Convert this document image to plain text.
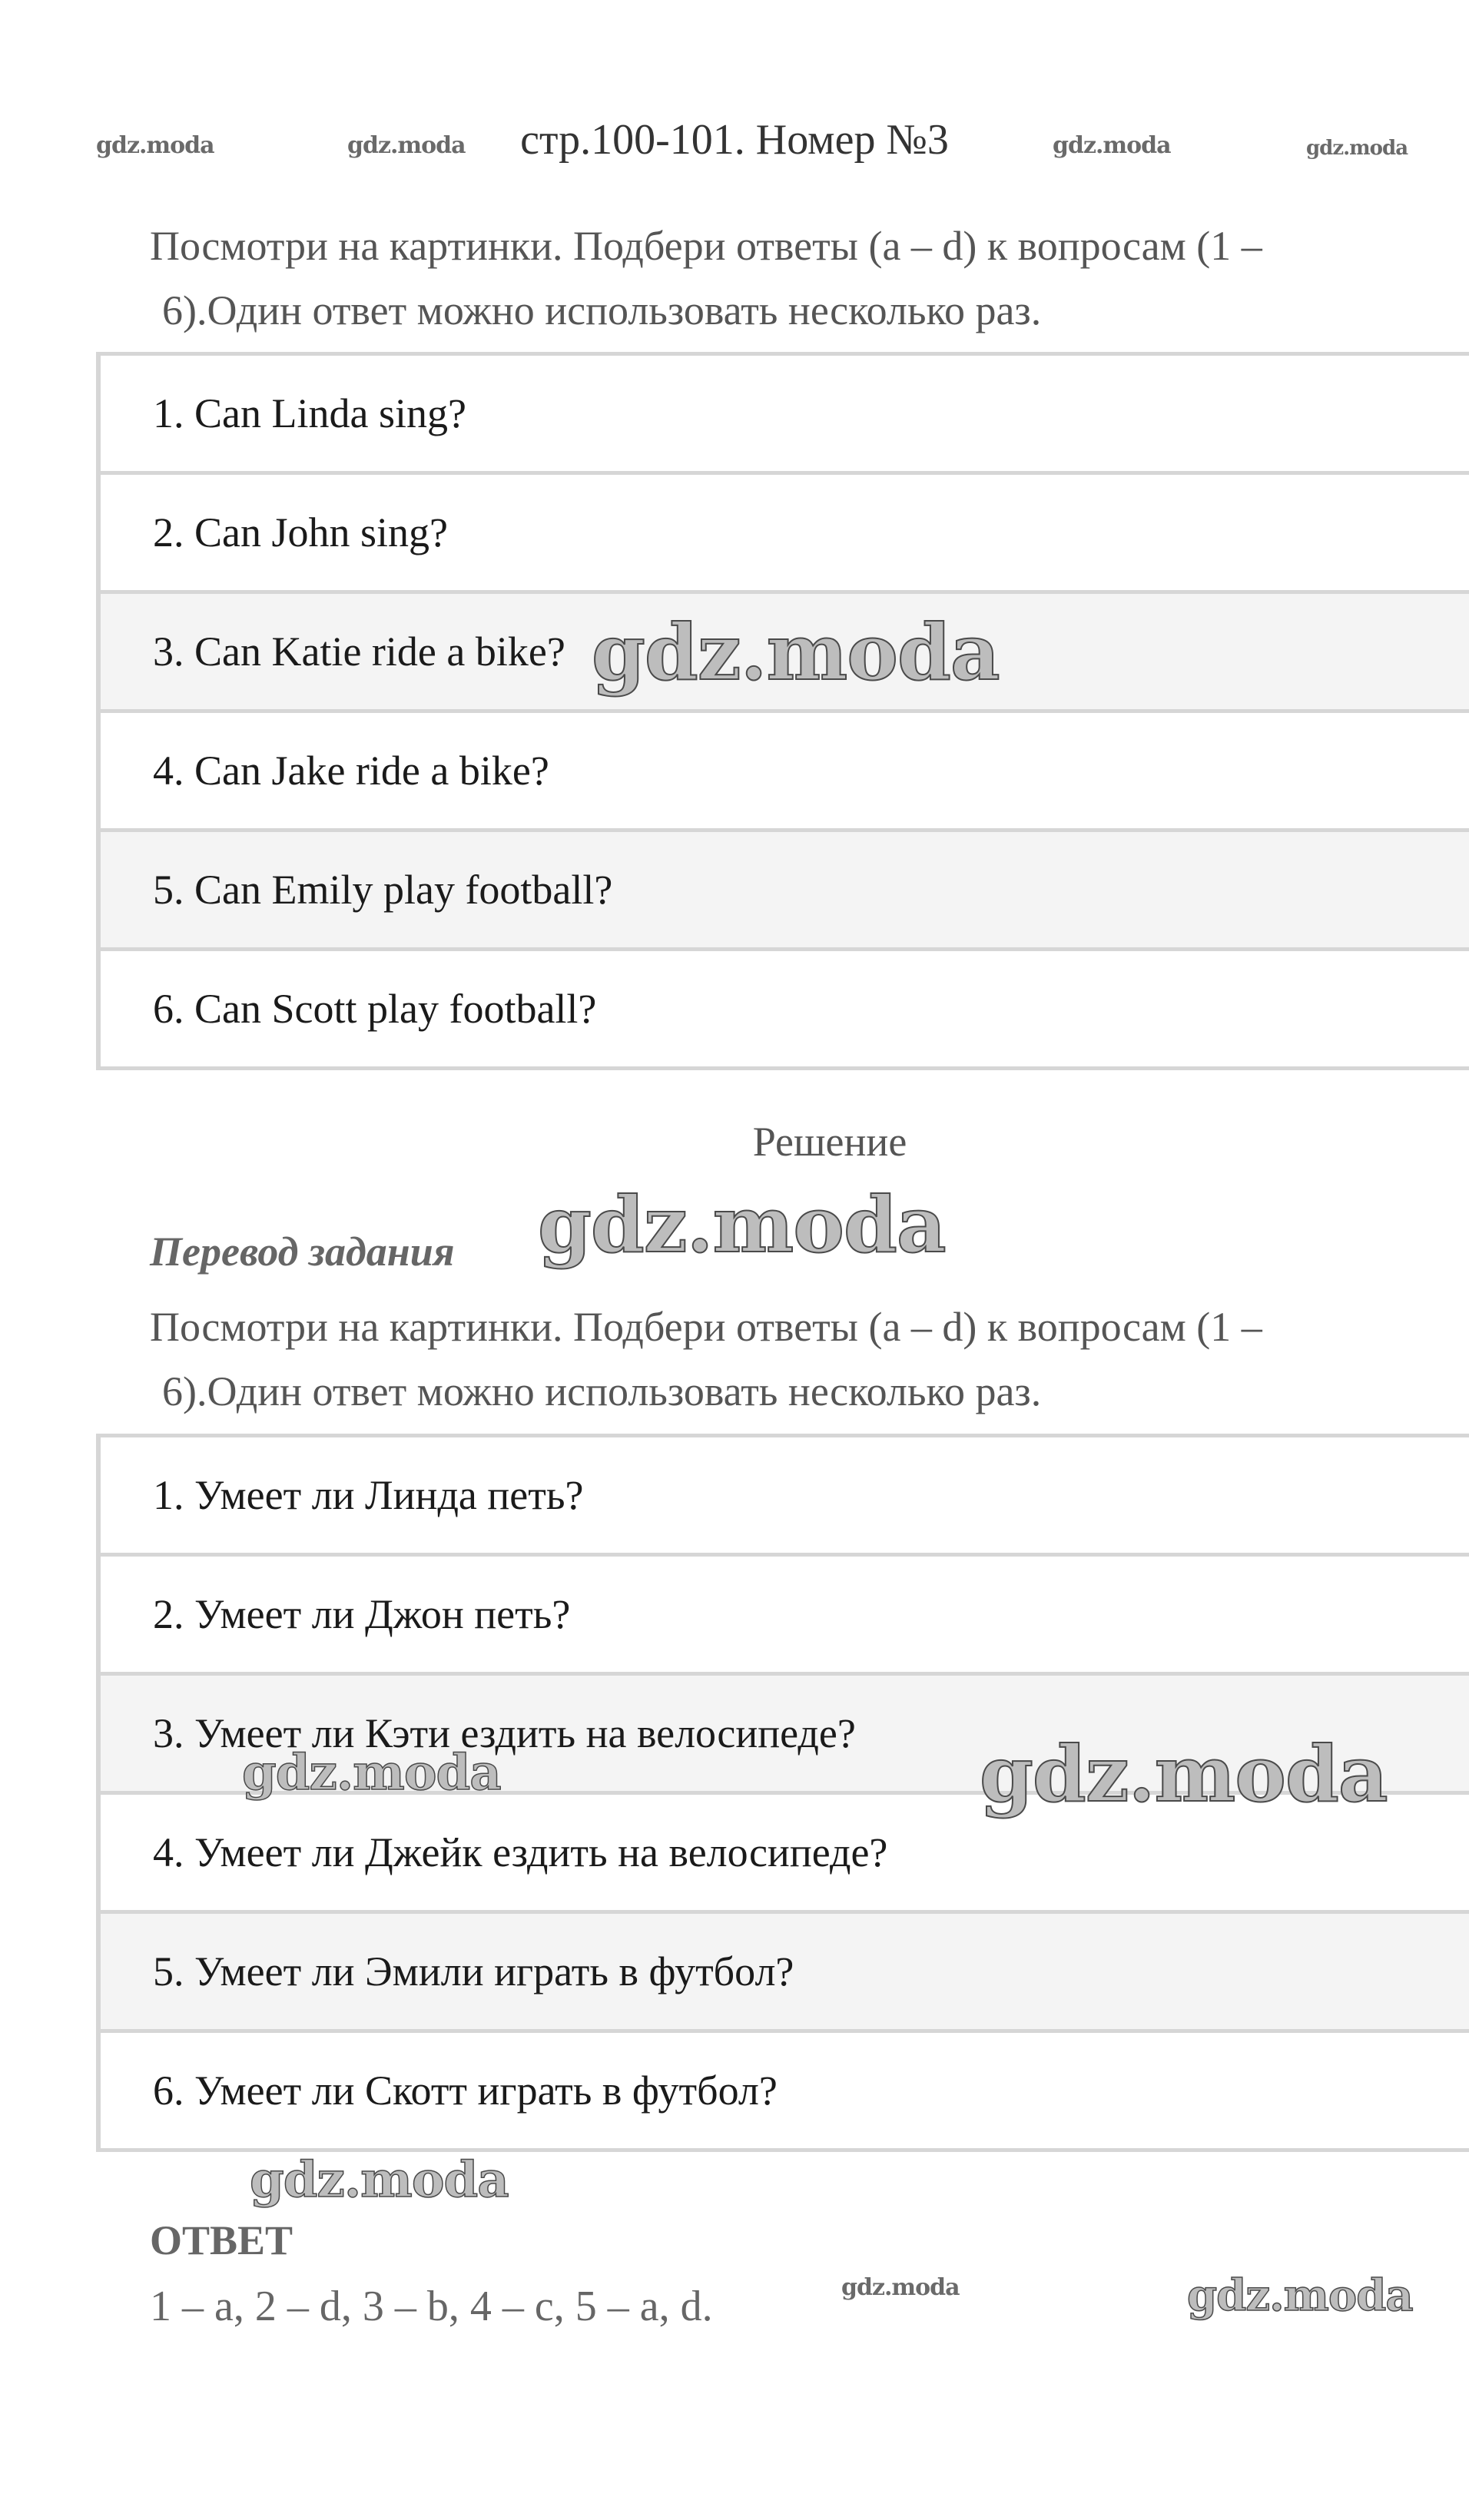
gdz.moda	gdz.moda	gdz.moda	gdz.moda
стр.100-101. Номер №3
Посмотри на картинки. Подбери ответы (a – d) к вопросам (1 –
6).Один ответ можно использовать несколько раз.
1. Can Linda sing?
2. Can John sing?
3. Can Katie ride a bike?
4. Can Jake ride a bike?
5. Can Emily play football?
6. Can Scott play football?
gdz.moda
Решение
gdz.moda
Перевод задания
Посмотри на картинки. Подбери ответы (a – d) к вопросам (1 –
6).Один ответ можно использовать несколько раз.
1. Умеет ли Линда петь?
2. Умеет ли Джон петь?
3. Умеет ли Кэти ездить на велосипеде?
4. Умеет ли Джейк ездить на велосипеде?
5. Умеет ли Эмили играть в футбол?
6. Умеет ли Скотт играть в футбол?
gdz.moda	gdz.moda
gdz.moda
ОТВЕТ
1 – a, 2 – d, 3 – b, 4 – c, 5 – a, d.	gdz.moda	gdz.moda
